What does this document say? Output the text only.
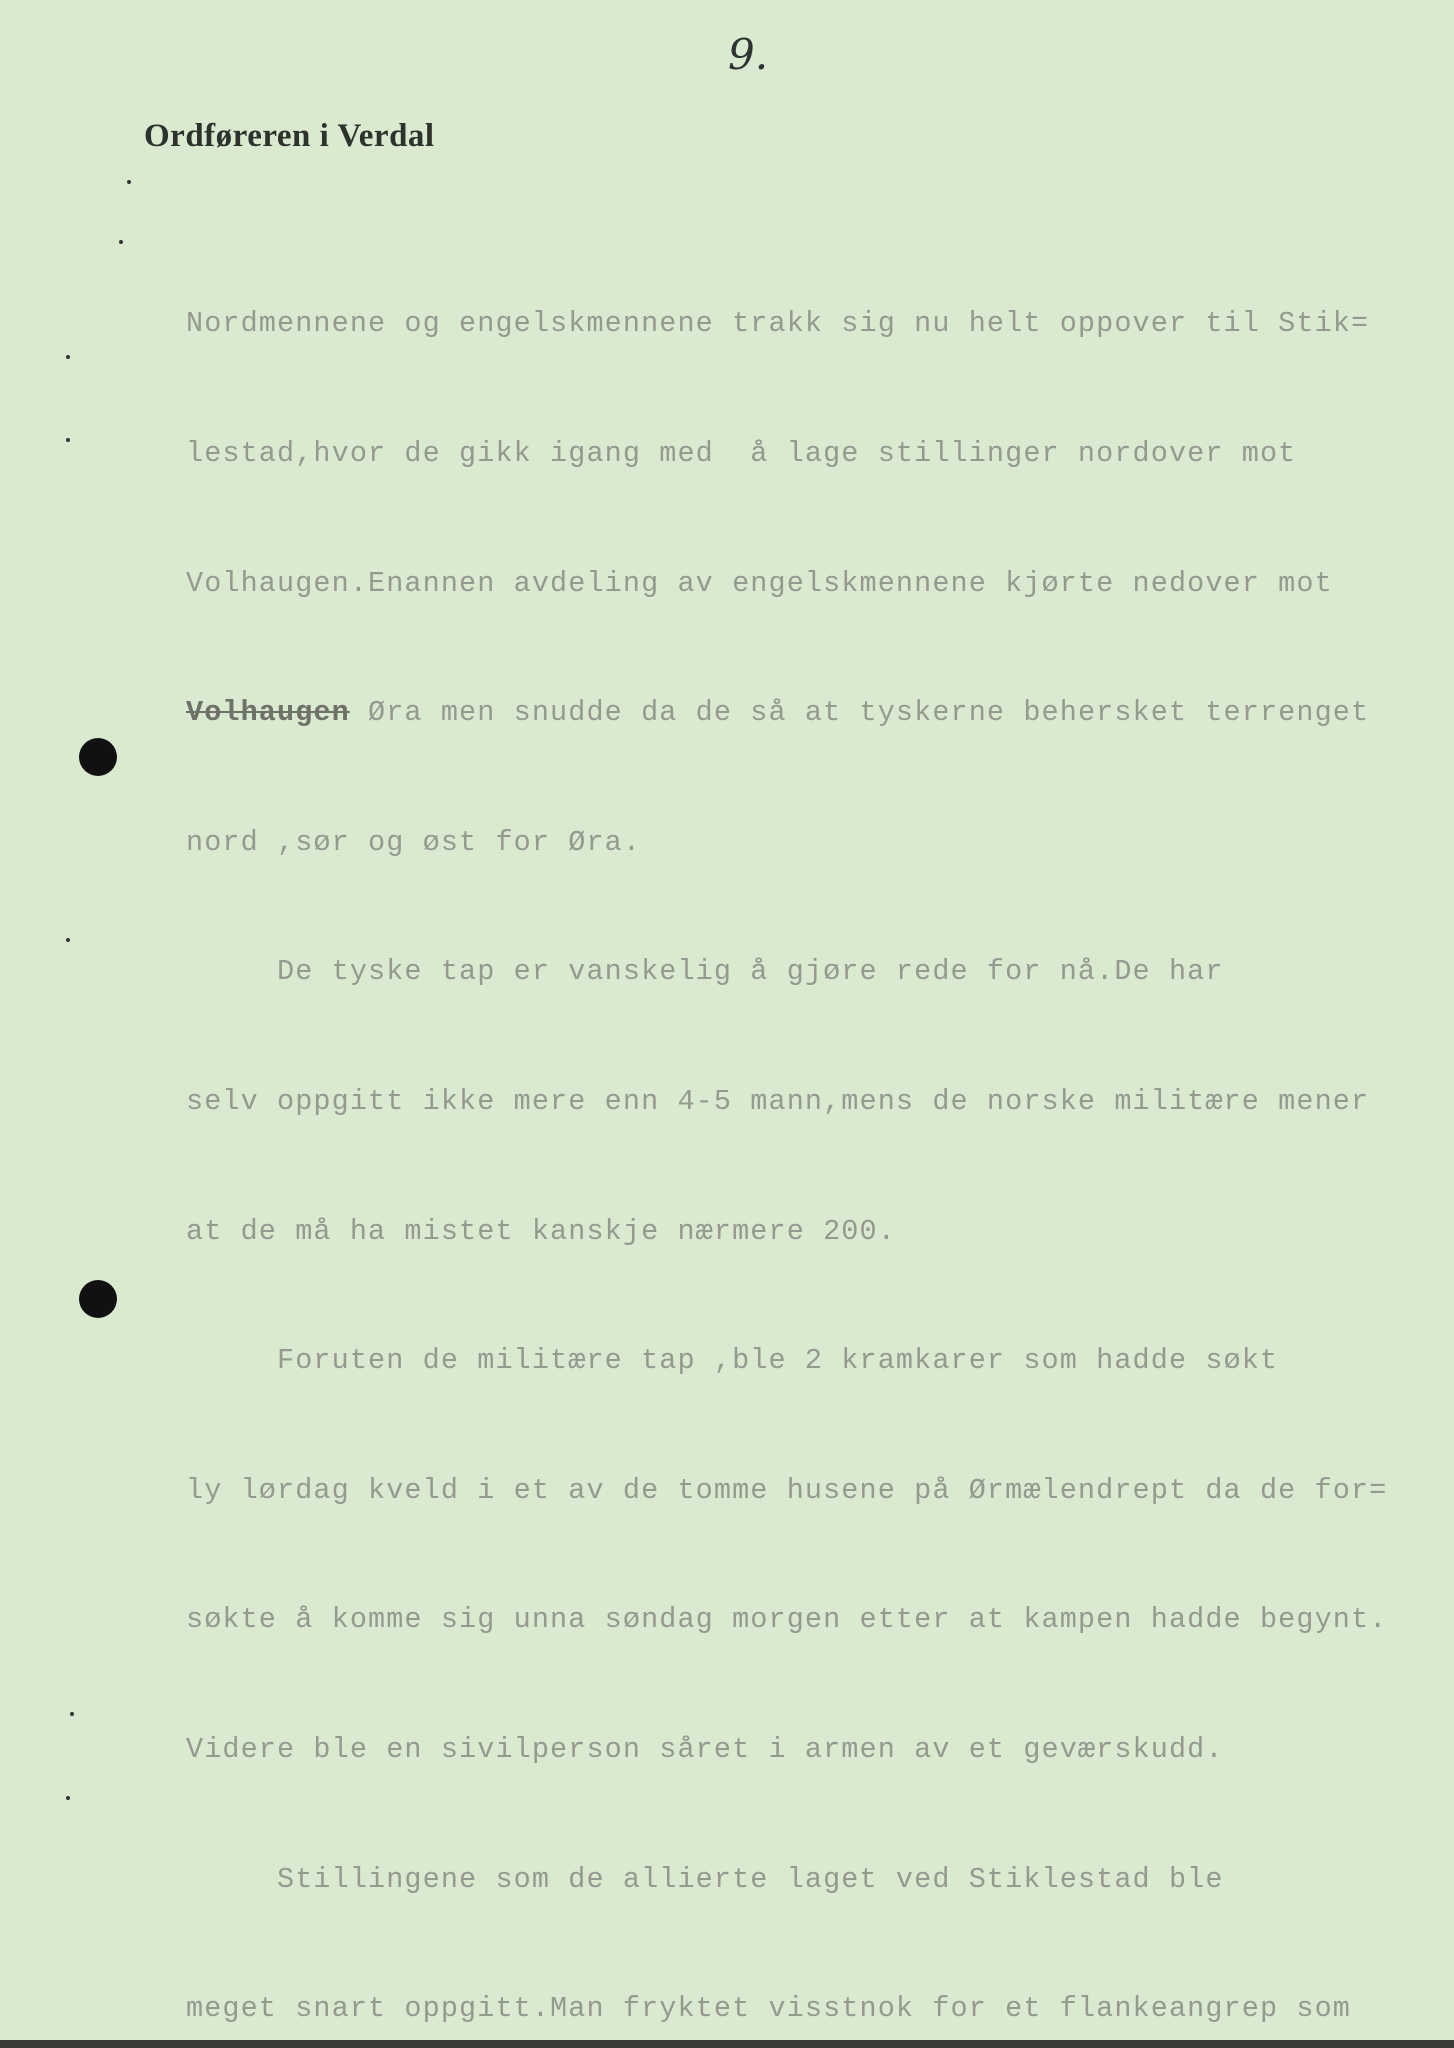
9.
Ordføreren i Verdal

Nordmennene og engelskmennene trakk sig nu helt oppover til Stik=

lestad,hvor de gikk igang med  å lage stillinger nordover mot

Volhaugen.Enannen avdeling av engelskmennene kjørte nedover mot

Volhaugen Øra men snudde da de så at tyskerne behersket terrenget

nord ,sør og øst for Øra.

De tyske tap er vanskelig å gjøre rede for nå.De har

selv oppgitt ikke mere enn 4-5 mann,mens de norske militære mener

at de må ha mistet kanskje nærmere 200.

Foruten de militære tap ,ble 2 kramkarer som hadde søkt

ly lørdag kveld i et av de tomme husene på Ørmælendrept da de for=

søkte å komme sig unna søndag morgen etter at kampen hadde begynt.

Videre ble en sivilperson såret i armen av et geværskudd.

Stillingene som de allierte laget ved Stiklestad ble

meget snart oppgitt.Man fryktet visstnok for et flankeangrep som
